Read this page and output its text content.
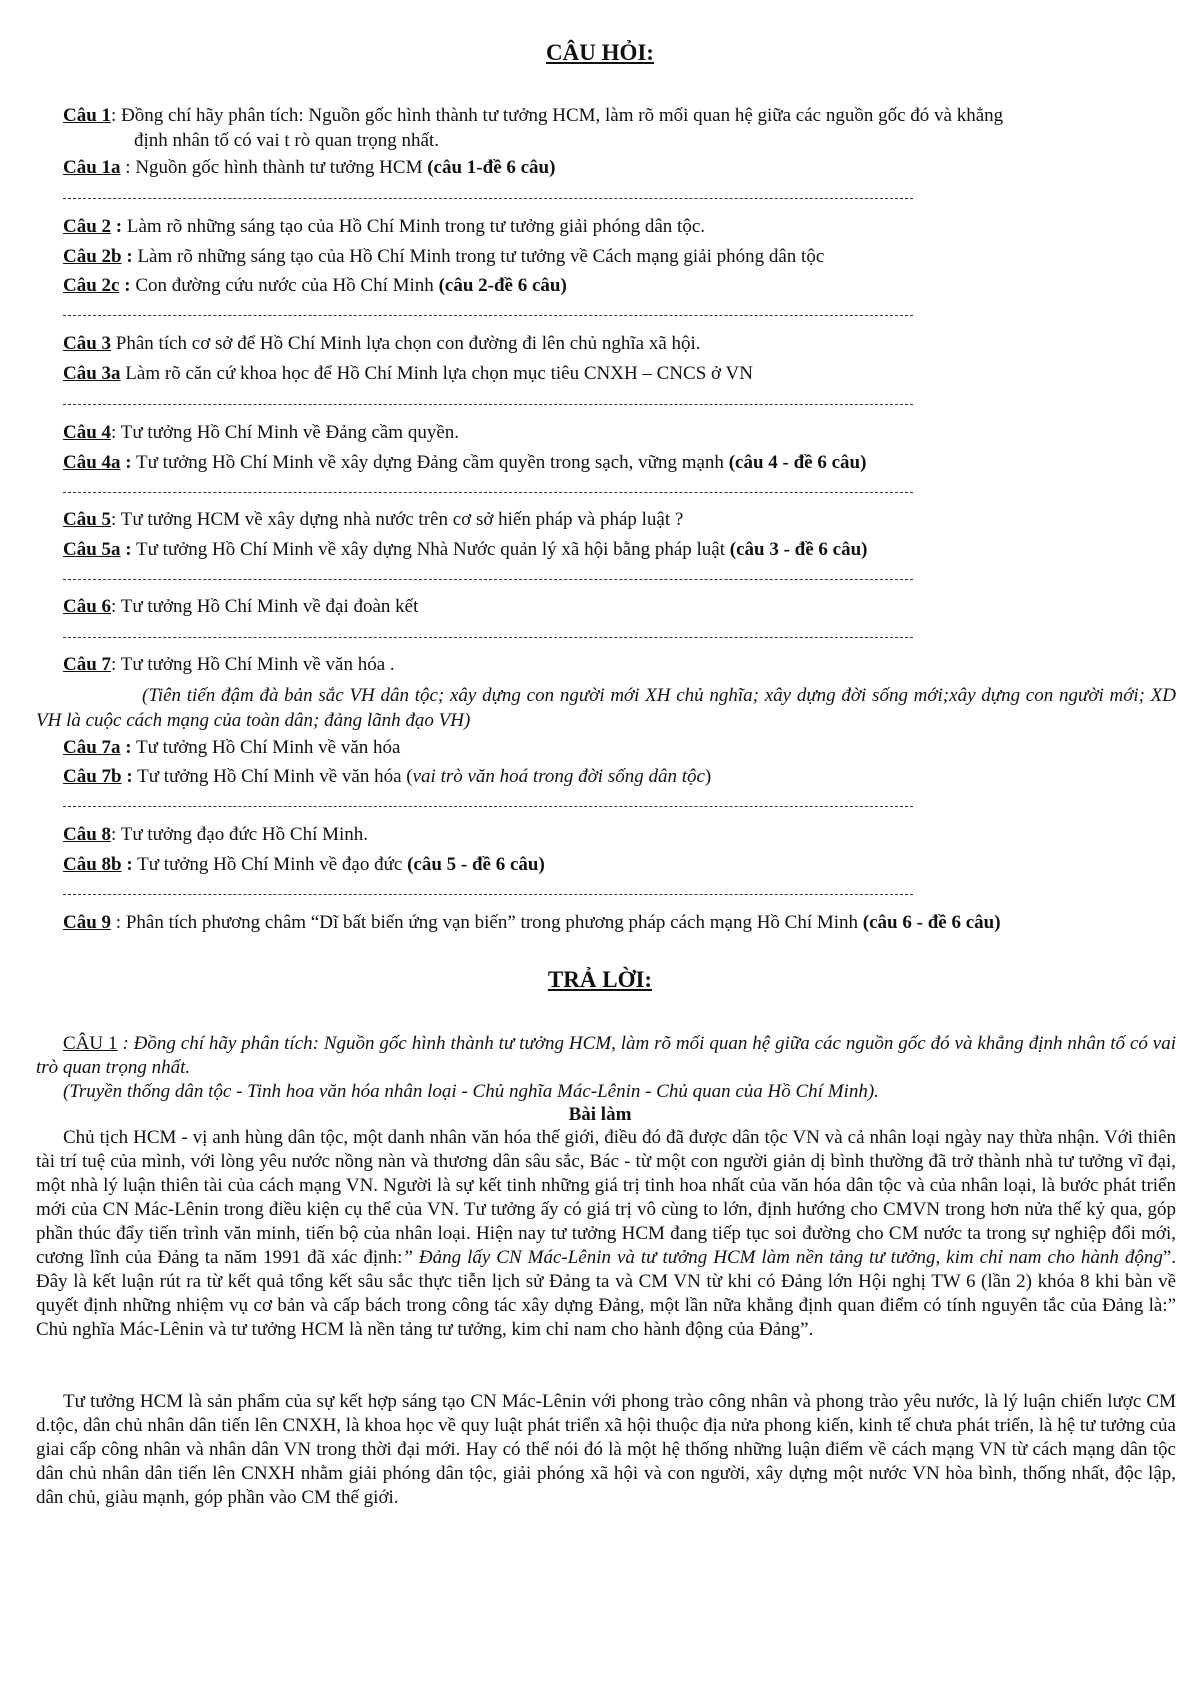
CÂU HỎI:
Câu 1: Đồng chí hãy phân tích: Nguồn gốc hình thành tư tưởng HCM, làm rõ mối quan hệ giữa các nguồn gốc đó và khẳng
định nhân tố có vai t rò quan trọng nhất.
Câu 1a : Nguồn gốc hình thành tư tưởng HCM (câu 1-đề 6 câu)
Câu 2 : Làm rõ những sáng tạo của Hồ Chí Minh trong tư tưởng giải phóng dân tộc.
Câu 2b : Làm rõ những sáng tạo của Hồ Chí Minh trong tư tưởng về Cách mạng giải phóng dân tộc
Câu 2c : Con đường cứu nước của Hồ Chí Minh (câu 2-đề 6 câu)
Câu 3 Phân tích cơ sở để Hồ Chí Minh lựa chọn con đường đi lên chủ nghĩa xã hội.
Câu 3a Làm rõ căn cứ khoa học để Hồ Chí Minh lựa chọn mục tiêu CNXH – CNCS ở VN
Câu 4: Tư tưởng Hồ Chí Minh về Đảng cầm quyền.
Câu 4a : Tư tưởng Hồ Chí Minh về xây dựng Đảng cầm quyền trong sạch, vững mạnh (câu 4 - đề 6 câu)
Câu 5: Tư tưởng HCM về xây dựng nhà nước trên cơ sở hiến pháp và pháp luật ?
Câu 5a : Tư tưởng Hồ Chí Minh về xây dựng Nhà Nước quản lý xã hội bằng pháp luật (câu 3 - đề 6 câu)
Câu 6: Tư tưởng Hồ Chí Minh về đại đoàn kết
Câu 7: Tư tưởng Hồ Chí Minh về văn hóa .
(Tiên tiến đậm đà bản sắc VH dân tộc; xây dựng con người mới XH chủ nghĩa; xây dựng đời sống mới;xây dựng con người mới; XD VH là cuộc cách mạng của toàn dân; đảng lãnh đạo VH)
Câu 7a : Tư tưởng Hồ Chí Minh về văn hóa
Câu 7b : Tư tưởng Hồ Chí Minh về văn hóa (vai trò văn hoá trong đời sống dân tộc)
Câu 8: Tư tưởng đạo đức Hồ Chí Minh.
Câu 8b : Tư tưởng Hồ Chí Minh về đạo đức (câu 5 - đề 6 câu)
Câu 9 : Phân tích phương châm “Dĩ bất biến ứng vạn biến” trong phương pháp cách mạng Hồ Chí Minh (câu 6 - đề 6 câu)
TRẢ LỜI:
CÂU 1 : Đồng chí hãy phân tích: Nguồn gốc hình thành tư tưởng HCM, làm rõ mối quan hệ giữa các nguồn gốc đó và khẳng định nhân tố có vai trò quan trọng nhất.
(Truyền thống dân tộc - Tinh hoa văn hóa nhân loại - Chủ nghĩa Mác-Lênin - Chủ quan của Hồ Chí Minh).
Bài làm
Chủ tịch HCM - vị anh hùng dân tộc, một danh nhân văn hóa thế giới, điều đó đã được dân tộc VN và cả nhân loại ngày nay thừa nhận. Với thiên tài trí tuệ của mình, với lòng yêu nước nồng nàn và thương dân sâu sắc, Bác - từ một con người giản dị bình thường đã trở thành nhà tư tưởng vĩ đại, một nhà lý luận thiên tài của cách mạng VN. Người là sự kết tinh những giá trị tinh hoa nhất của văn hóa dân tộc và của nhân loại, là bước phát triển mới của CN Mác-Lênin trong điều kiện cụ thể của VN. Tư tưởng ấy có giá trị vô cùng to lớn, định hướng cho CMVN trong hơn nửa thế kỷ qua, góp phần thúc đẩy tiến trình văn minh, tiến bộ của nhân loại. Hiện nay tư tưởng HCM đang tiếp tục soi đường cho CM nước ta trong sự nghiệp đổi mới, cương lĩnh của Đảng ta năm 1991 đã xác định:” Đảng lấy CN Mác-Lênin và tư tưởng HCM làm nền tảng tư tưởng, kim chỉ nam cho hành động”. Đây là kết luận rút ra từ kết quả tổng kết sâu sắc thực tiễn lịch sử Đảng ta và CM VN từ khi có Đảng lớn Hội nghị TW 6 (lần 2) khóa 8 khi bàn về quyết định những nhiệm vụ cơ bản và cấp bách trong công tác xây dựng Đảng, một lần nữa khẳng định quan điểm có tính nguyên tắc của Đảng là:” Chủ nghĩa Mác-Lênin và tư tưởng HCM là nền tảng tư tưởng, kim chỉ nam cho hành động của Đảng”.
Tư tưởng HCM là sản phẩm của sự kết hợp sáng tạo CN Mác-Lênin với phong trào công nhân và phong trào yêu nước, là lý luận chiến lược CM d.tộc, dân chủ nhân dân tiến lên CNXH, là khoa học về quy luật phát triển xã hội thuộc địa nửa phong kiến, kinh tế chưa phát triển, là hệ tư tưởng của giai cấp công nhân và nhân dân VN trong thời đại mới. Hay có thể nói đó là một hệ thống những luận điểm về cách mạng VN từ cách mạng dân tộc dân chủ nhân dân tiến lên CNXH nhằm giải phóng dân tộc, giải phóng xã hội và con người, xây dựng một nước VN hòa bình, thống nhất, độc lập, dân chủ, giàu mạnh, góp phần vào CM thế giới.
